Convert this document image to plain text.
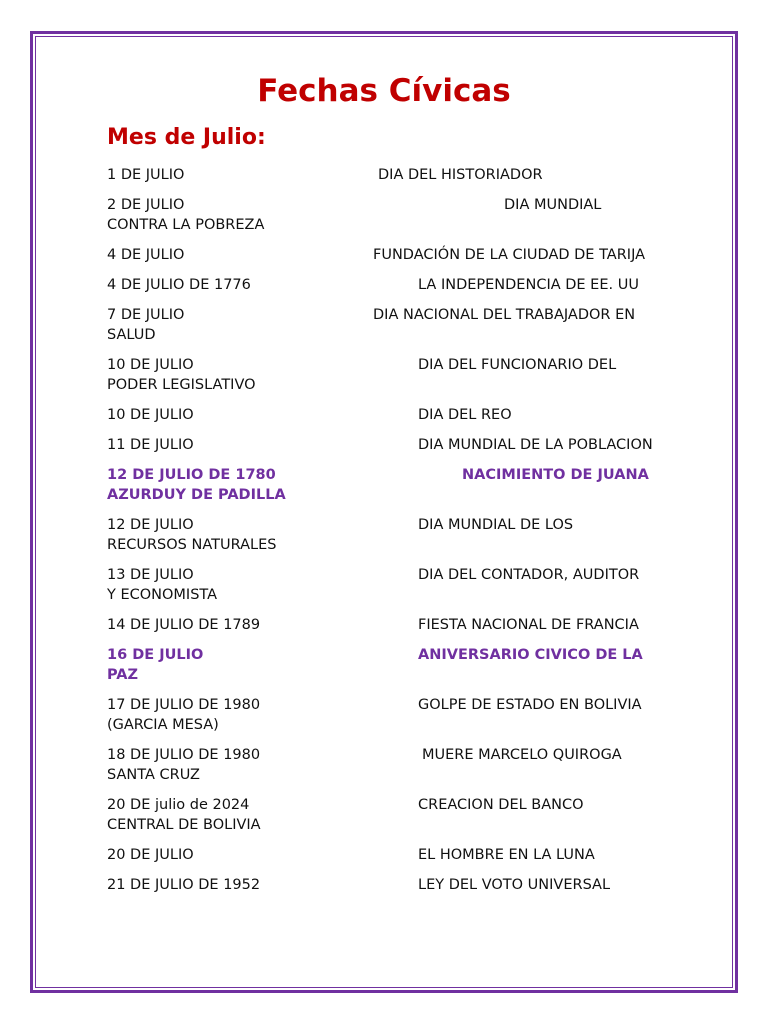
Fechas Cívicas
Mes de Julio:
1 DE JULIO	DIA DEL HISTORIADOR
2 DE JULIO	DIA MUNDIAL
CONTRA LA POBREZA
4 DE JULIO	FUNDACIÓN DE LA CIUDAD DE TARIJA
4 DE JULIO DE 1776	LA INDEPENDENCIA DE EE. UU
7 DE JULIO	DIA NACIONAL DEL TRABAJADOR EN
SALUD
10 DE JULIO	DIA DEL FUNCIONARIO DEL
PODER LEGISLATIVO
10 DE JULIO	DIA DEL REO
11 DE JULIO	DIA MUNDIAL DE LA POBLACION
12 DE JULIO DE 1780	NACIMIENTO DE JUANA
AZURDUY DE PADILLA
12 DE JULIO	DIA MUNDIAL DE LOS
RECURSOS NATURALES
13 DE JULIO	DIA DEL CONTADOR, AUDITOR
Y ECONOMISTA
14 DE JULIO DE 1789	FIESTA NACIONAL DE FRANCIA
16 DE JULIO	ANIVERSARIO CIVICO DE LA
PAZ
17 DE JULIO DE 1980	GOLPE DE ESTADO EN BOLIVIA
(GARCIA MESA)
18 DE JULIO DE 1980	MUERE MARCELO QUIROGA
SANTA CRUZ
20 DE julio de 2024	CREACION DEL BANCO
CENTRAL DE BOLIVIA
20 DE JULIO	EL HOMBRE EN LA LUNA
21 DE JULIO DE 1952	LEY DEL VOTO UNIVERSAL
